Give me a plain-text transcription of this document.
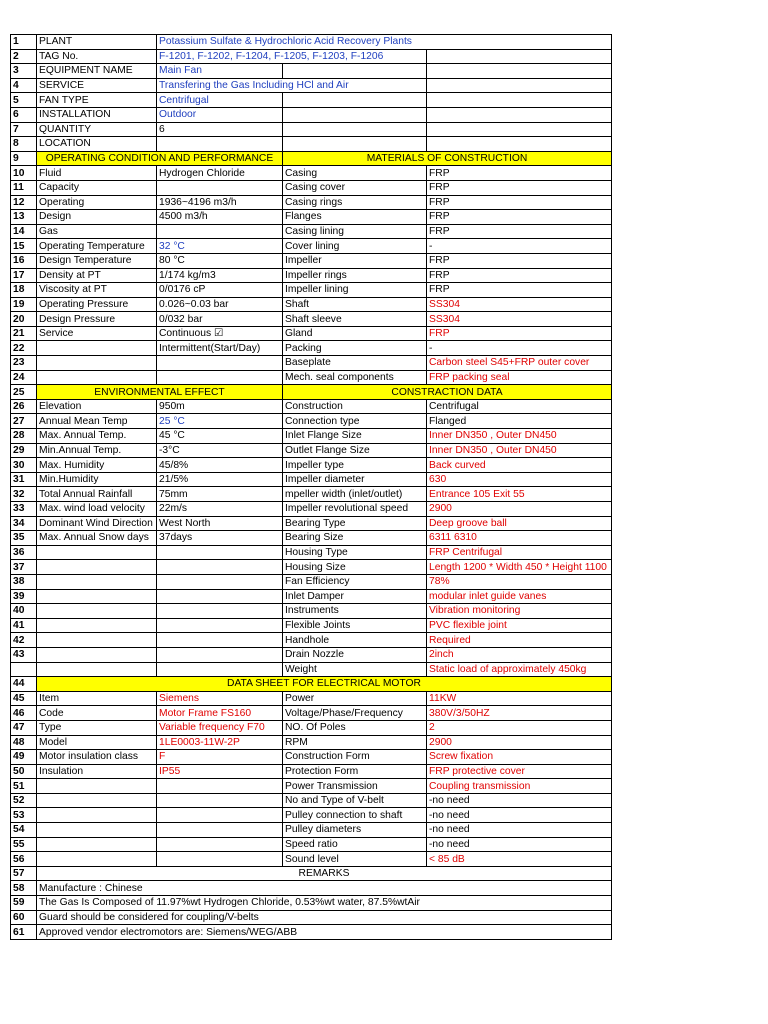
1	PLANT	Potassium Sulfate & Hydrochloric Acid Recovery Plants		
2	TAG No.	F-1201, F-1202, F-1204, F-1205, F-1203, F-1206		
3	EQUIPMENT NAME	Main Fan		
4	SERVICE	Transfering the Gas Including HCl and Air		
5	FAN TYPE	Centrifugal		
6	INSTALLATION	Outdoor		
7	QUANTITY	6		
8	LOCATION			
9	OPERATING CONDITION AND PERFORMANCE		MATERIALS OF CONSTRUCTION	
10	Fluid	Hydrogen Chloride	Casing	FRP
11	Capacity		Casing cover	FRP
12	Operating	1936~4196 m3/h	Casing rings	FRP
13	Design	4500 m3/h	Flanges	FRP
14	Gas		Casing lining	FRP
15	Operating Temperature	32 °C	Cover lining	-
16	Design Temperature	80 °C	Impeller	FRP
17	Density at PT	1/174 kg/m3	Impeller rings	FRP
18	Viscosity at PT	0/0176 cP	Impeller lining	FRP
19	Operating Pressure	0.026~0.03 bar	Shaft	SS304
20	Design Pressure	0/032 bar	Shaft sleeve	SS304
21	Service	Continuous ☑	Gland	FRP
22		Intermittent(Start/Day)	Packing	-
23			Baseplate	Carbon steel S45+FRP outer cover
24			Mech. seal components	FRP packing seal
25	ENVIRONMENTAL EFFECT		CONSTRACTION DATA	
26	Elevation	950m	Construction	Centrifugal
27	Annual Mean Temp	25 °C	Connection type	Flanged
28	Max. Annual Temp.	45 °C	Inlet Flange Size	Inner DN350 , Outer DN450
29	Min.Annual Temp.	-3°C	Outlet Flange Size	Inner DN350 , Outer DN450
30	Max. Humidity	45/8%	Impeller type	Back curved
31	Min.Humidity	21/5%	Impeller diameter	630
32	Total Annual Rainfall	75mm	mpeller width (inlet/outlet)	Entrance 105 Exit 55
33	Max. wind load velocity	22m/s	Impeller revolutional speed	2900
34	Dominant Wind Direction	West North	Bearing Type	Deep groove ball
35	Max. Annual Snow days	37days	Bearing Size	6311 6310
36			Housing Type	FRP Centrifugal
37			Housing Size	Length 1200 * Width 450 * Height 1100
38			Fan Efficiency	78%
39			Inlet Damper	modular inlet guide vanes
40			Instruments	Vibration monitoring
41			Flexible Joints	PVC flexible joint
42			Handhole	Required
43			Drain Nozzle	2inch
			Weight	Static load of approximately 450kg
44	DATA SHEET FOR ELECTRICAL MOTOR			
45	Item	Siemens	Power	11KW
46	Code	Motor Frame FS160	Voltage/Phase/Frequency	380V/3/50HZ
47	Type	Variable frequency F70	NO. Of Poles	2
48	Model	1LE0003-11W-2P	RPM	2900
49	Motor insulation class	F	Construction Form	Screw fixation
50	Insulation	IP55	Protection Form	FRP protective cover
51			Power Transmission	Coupling transmission
52			No and Type of V-belt	-no need
53			Pulley connection to shaft	-no need
54			Pulley diameters	-no need
55			Speed ratio	-no need
56			Sound level	< 85 dB
57	REMARKS			
58	Manufacture : Chinese			
59	The Gas Is Composed of 11.97%wt Hydrogen Chloride, 0.53%wt water, 87.5%wtAir			
60	Guard should be considered for coupling/V-belts			
61	Approved vendor electromotors are: Siemens/WEG/ABB			
